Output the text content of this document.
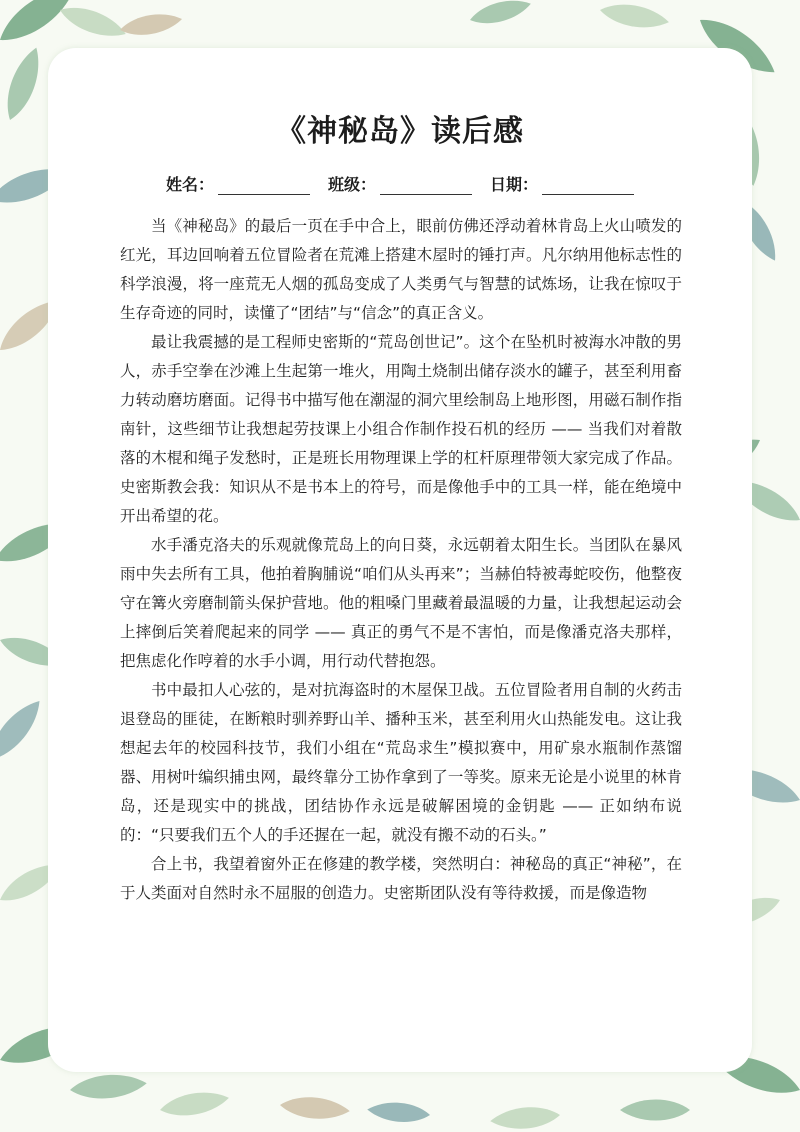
《神秘岛》读后感
姓名：	班级：	日期：

当《神秘岛》的最后一页在手中合上，眼前仿佛还浮动着林肯岛上火山喷发的红光，耳边回响着五位冒险者在荒滩上搭建木屋时的锤打声。凡尔纳用他标志性的科学浪漫，将一座荒无人烟的孤岛变成了人类勇气与智慧的试炼场，让我在惊叹于生存奇迹的同时，读懂了“团结”与“信念”的真正含义。

最让我震撼的是工程师史密斯的“荒岛创世记”。这个在坠机时被海水冲散的男人，赤手空拳在沙滩上生起第一堆火，用陶土烧制出储存淡水的罐子，甚至利用畜力转动磨坊磨面。记得书中描写他在潮湿的洞穴里绘制岛上地形图，用磁石制作指南针，这些细节让我想起劳技课上小组合作制作投石机的经历 —— 当我们对着散落的木棍和绳子发愁时，正是班长用物理课上学的杠杆原理带领大家完成了作品。史密斯教会我：知识从不是书本上的符号，而是像他手中的工具一样，能在绝境中开出希望的花。

水手潘克洛夫的乐观就像荒岛上的向日葵，永远朝着太阳生长。当团队在暴风雨中失去所有工具，他拍着胸脯说“咱们从头再来”；当赫伯特被毒蛇咬伤，他整夜守在篝火旁磨制箭头保护营地。他的粗嗓门里藏着最温暖的力量，让我想起运动会上摔倒后笑着爬起来的同学 —— 真正的勇气不是不害怕，而是像潘克洛夫那样，把焦虑化作哼着的水手小调，用行动代替抱怨。

书中最扣人心弦的，是对抗海盗时的木屋保卫战。五位冒险者用自制的火药击退登岛的匪徒，在断粮时驯养野山羊、播种玉米，甚至利用火山热能发电。这让我想起去年的校园科技节，我们小组在“荒岛求生”模拟赛中，用矿泉水瓶制作蒸馏器、用树叶编织捕虫网，最终靠分工协作拿到了一等奖。原来无论是小说里的林肯岛，还是现实中的挑战，团结协作永远是破解困境的金钥匙 —— 正如纳布说的：“只要我们五个人的手还握在一起，就没有搬不动的石头。”

合上书，我望着窗外正在修建的教学楼，突然明白：神秘岛的真正“神秘”，在于人类面对自然时永不屈服的创造力。史密斯团队没有等待救援，而是像造物
